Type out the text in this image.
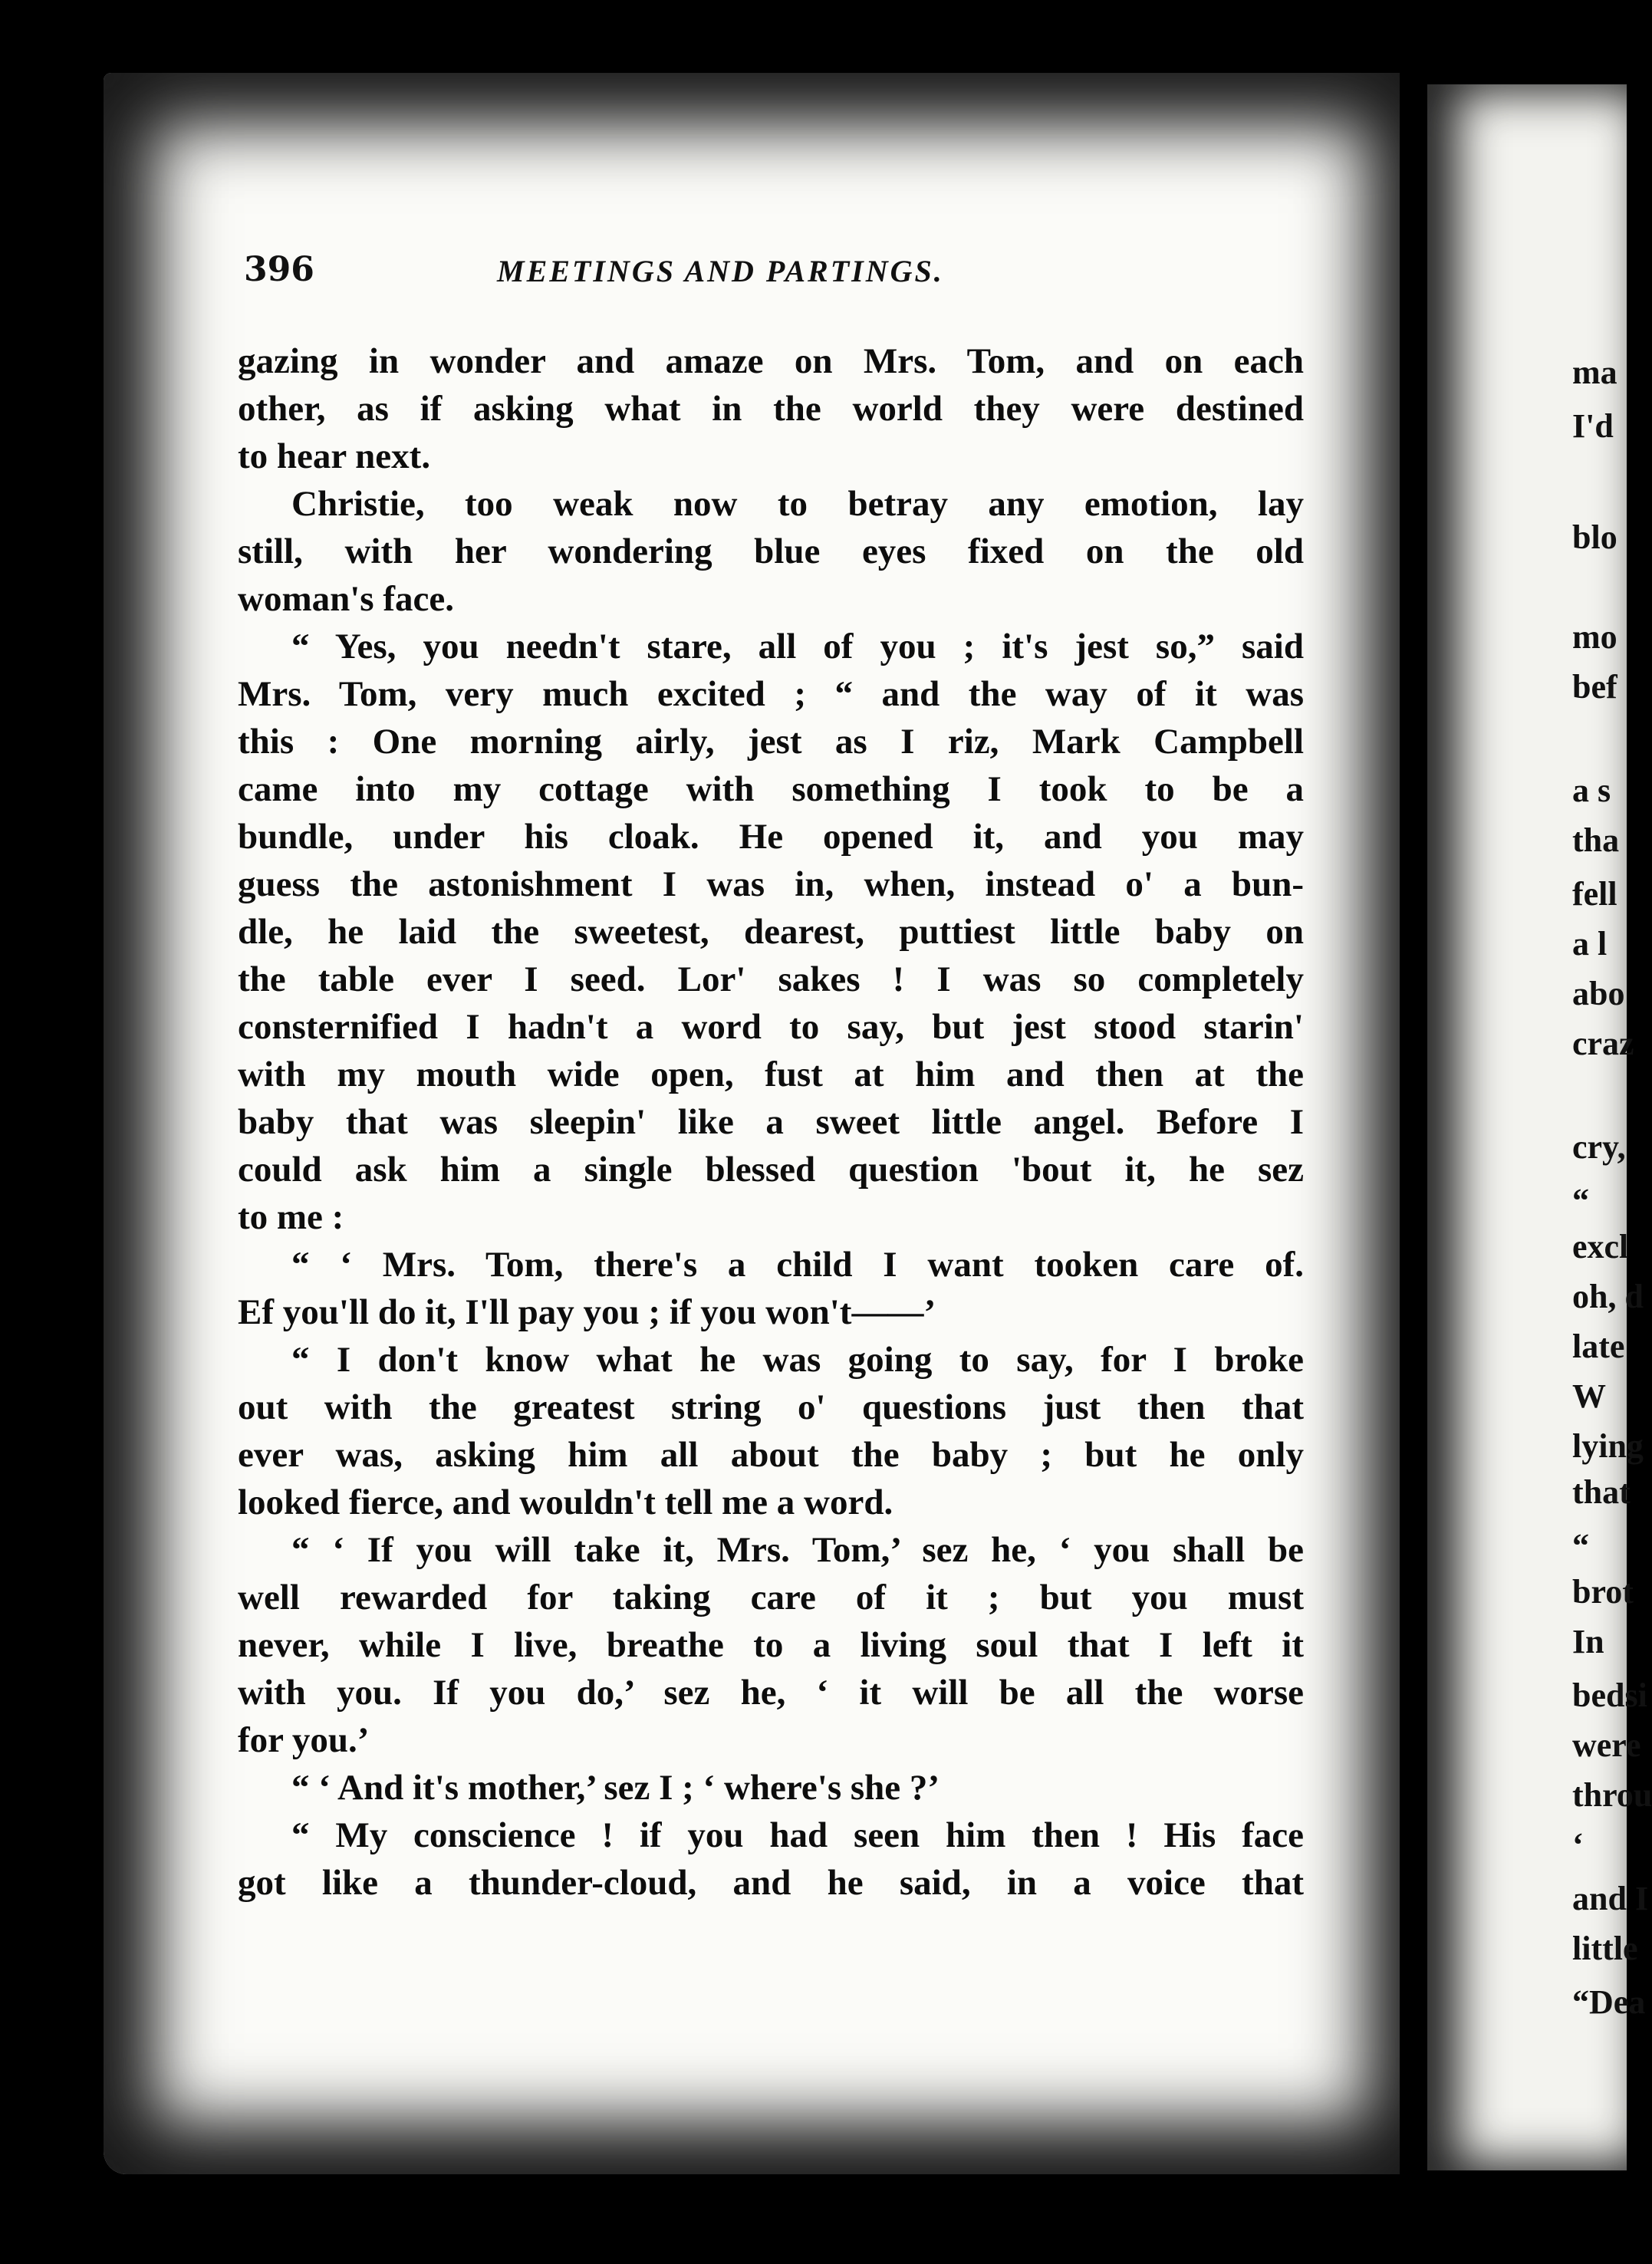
396	MEETINGS AND PARTINGS.
gazing in wonder and amaze on Mrs. Tom, and on each
other, as if asking what in the world they were destined
to hear next.
Christie, too weak now to betray any emotion, lay
still, with her wondering blue eyes fixed on the old
woman's face.
“ Yes, you needn't stare, all of you ; it's jest so,” said
Mrs. Tom, very much excited ; “ and the way of it was
this : One morning airly, jest as I riz, Mark Campbell
came into my cottage with something I took to be a
bundle, under his cloak. He opened it, and you may
guess the astonishment I was in, when, instead o' a bun-
dle, he laid the sweetest, dearest, puttiest little baby on
the table ever I seed. Lor' sakes ! I was so completely
consternified I hadn't a word to say, but jest stood starin'
with my mouth wide open, fust at him and then at the
baby that was sleepin' like a sweet little angel. Before I
could ask him a single blessed question 'bout it, he sez
to me :
“ ‘ Mrs. Tom, there's a child I want tooken care of.
Ef you'll do it, I'll pay you ; if you won't——’
“ I don't know what he was going to say, for I broke
out with the greatest string o' questions just then that
ever was, asking him all about the baby ; but he only
looked fierce, and wouldn't tell me a word.
“ ‘ If you will take it, Mrs. Tom,’ sez he, ‘ you shall be
well rewarded for taking care of it ; but you must
never, while I live, breathe to a living soul that I left it
with you. If you do,’ sez he, ‘ it will be all the worse
for you.’
“ ‘ And it's mother,’ sez I ; ‘ where's she ?’
“ My conscience ! if you had seen him then ! His face
got like a thunder-cloud, and he said, in a voice that
ma
I'd
blo
mo
bef
a s
tha
fell
a l
abo
craz
cry,
“
excl
oh, d
late
W
lying
that
“
brot
In
bedsi
were
throu
‘
and I
little
“Dea
